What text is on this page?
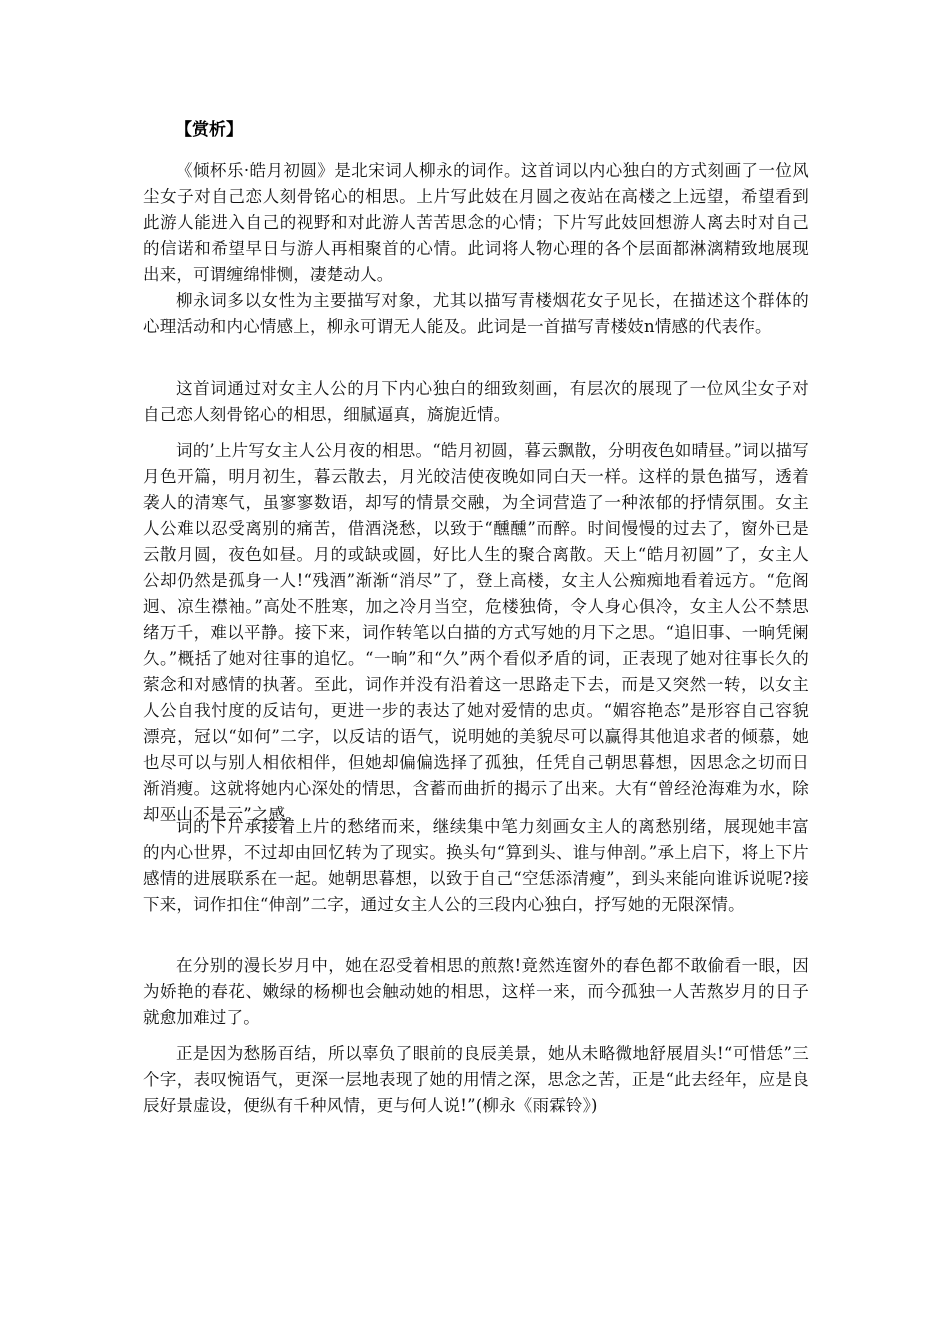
【赏析】

《倾杯乐·皓月初圆》是北宋词人柳永的词作。这首词以内心独白的方式刻画了一位风尘女子对自己恋人刻骨铭心的相思。上片写此妓在月圆之夜站在高楼之上远望，希望看到此游人能进入自己的视野和对此游人苦苦思念的心情；下片写此妓回想游人离去时对自己的信诺和希望早日与游人再相聚首的心情。此词将人物心理的各个层面都淋漓精致地展现出来，可谓缠绵悱恻，凄楚动人。

柳永词多以女性为主要描写对象，尤其以描写青楼烟花女子见长，在描述这个群体的心理活动和内心情感上，柳永可谓无人能及。此词是一首描写青楼妓n情感的代表作。

这首词通过对女主人公的月下内心独白的细致刻画，有层次的展现了一位风尘女子对自己恋人刻骨铭心的相思，细腻逼真，旖旎近情。

词的’上片写女主人公月夜的相思。“皓月初圆，暮云飘散，分明夜色如晴昼。”词以描写月色开篇，明月初生，暮云散去，月光皎洁使夜晚如同白天一样。这样的景色描写，透着袭人的清寒气，虽寥寥数语，却写的情景交融，为全词营造了一种浓郁的抒情氛围。女主人公难以忍受离别的痛苦，借酒浇愁，以致于“醺醺”而醉。时间慢慢的过去了，窗外已是云散月圆，夜色如昼。月的或缺或圆，好比人生的聚合离散。天上“皓月初圆”了，女主人公却仍然是孤身一人!“残酒”渐渐“消尽”了，登上高楼，女主人公痴痴地看着远方。“危阁迥、凉生襟袖。”高处不胜寒，加之冷月当空，危楼独倚，令人身心俱冷，女主人公不禁思绪万千，难以平静。接下来，词作转笔以白描的方式写她的月下之思。“追旧事、一晌凭阑久。”概括了她对往事的追忆。“一晌”和“久”两个看似矛盾的词，正表现了她对往事长久的萦念和对感情的执著。至此，词作并没有沿着这一思路走下去，而是又突然一转，以女主人公自我忖度的反诘句，更进一步的表达了她对爱情的忠贞。“媚容艳态”是形容自己容貌漂亮，冠以“如何”二字，以反诘的语气，说明她的美貌尽可以赢得其他追求者的倾慕，她也尽可以与别人相依相伴，但她却偏偏选择了孤独，任凭自己朝思暮想，因思念之切而日渐消瘦。这就将她内心深处的情思，含蓄而曲折的揭示了出来。大有“曾经沧海难为水，除却巫山不是云”之感。

词的下片承接着上片的愁绪而来，继续集中笔力刻画女主人的离愁别绪，展现她丰富的内心世界，不过却由回忆转为了现实。换头句“算到头、谁与伸剖。”承上启下，将上下片感情的进展联系在一起。她朝思暮想，以致于自己“空恁添清瘦”，到头来能向谁诉说呢?接下来，词作扣住“伸剖”二字，通过女主人公的三段内心独白，抒写她的无限深情。

在分别的漫长岁月中，她在忍受着相思的煎熬!竟然连窗外的春色都不敢偷看一眼，因为娇艳的春花、嫩绿的杨柳也会触动她的相思，这样一来，而今孤独一人苦熬岁月的日子就愈加难过了。

正是因为愁肠百结，所以辜负了眼前的良辰美景，她从未略微地舒展眉头!“可惜恁”三个字，表叹惋语气，更深一层地表现了她的用情之深，思念之苦，正是“此去经年，应是良辰好景虚设，便纵有千种风情，更与何人说!”(柳永《雨霖铃》)
